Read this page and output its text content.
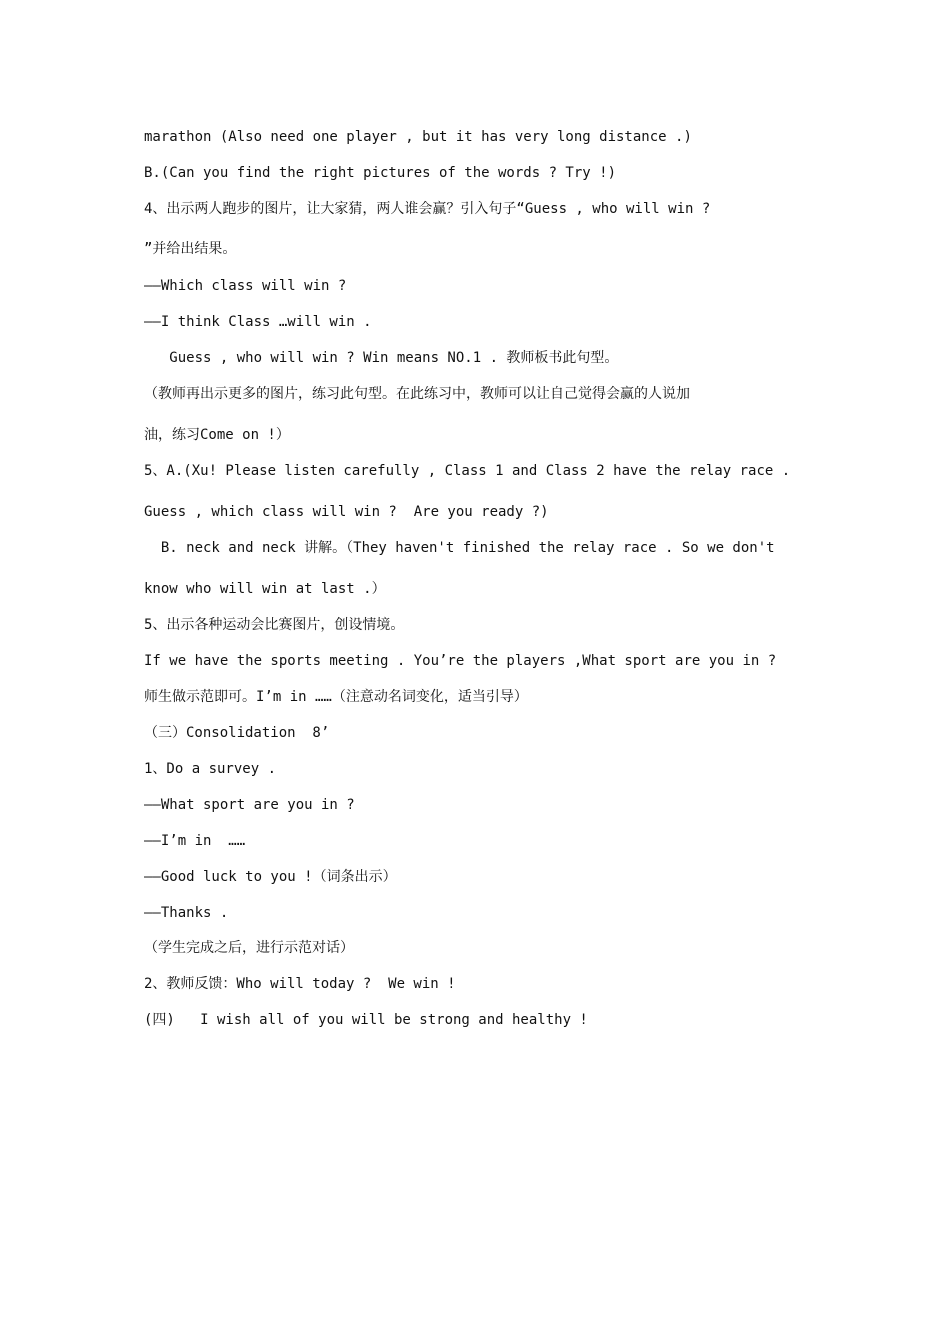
marathon (Also need one player , but it has very long distance .)
B.(Can you find the right pictures of the words ? Try !)
4、出示两人跑步的图片，让大家猜，两人谁会赢？引入句子“Guess , who will win ?
”并给出结果。
——Which class will win ?
——I think Class …will win .
Guess , who will win ? Win means NO.1 . 教师板书此句型。
（教师再出示更多的图片，练习此句型。在此练习中，教师可以让自己觉得会赢的人说加
油，练习Come on !）
5、A.(Xu! Please listen carefully , Class 1 and Class 2 have the relay race .
Guess , which class will win ?  Are you ready ?)
B. neck and neck 讲解。（They haven't finished the relay race . So we don't
know who will win at last .）
5、出示各种运动会比赛图片，创设情境。
If we have the sports meeting . You’re the players ,What sport are you in ?
师生做示范即可。I’m in ……（注意动名词变化，适当引导）
（三）Consolidation  8’
1、Do a survey .
——What sport are you in ?
——I’m in  ……
——Good luck to you !（词条出示）
——Thanks .
（学生完成之后，进行示范对话）
2、教师反馈：Who will today ?  We win !
(四)   I wish all of you will be strong and healthy !
